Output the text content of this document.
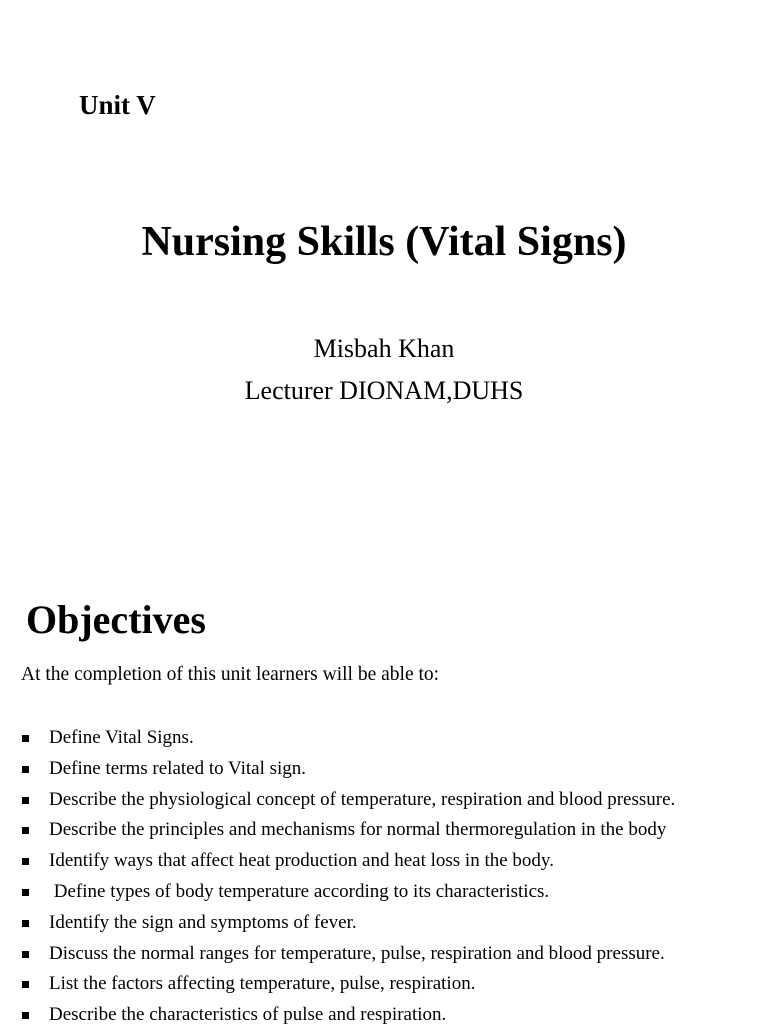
Unit V
Nursing Skills (Vital Signs)
Misbah Khan
Lecturer DIONAM,DUHS
Objectives
At the completion of this unit learners will be able to:
Define Vital Signs.
Define terms related to Vital sign.
Describe the physiological concept of temperature, respiration and blood pressure.
Describe the principles and mechanisms for normal thermoregulation in the body
Identify ways that affect heat production and heat loss in the body.
Define types of body temperature according to its characteristics.
Identify the sign and symptoms of fever.
Discuss the normal ranges for temperature, pulse, respiration and blood pressure.
List the factors affecting temperature, pulse, respiration.
Describe the characteristics of pulse and respiration.
